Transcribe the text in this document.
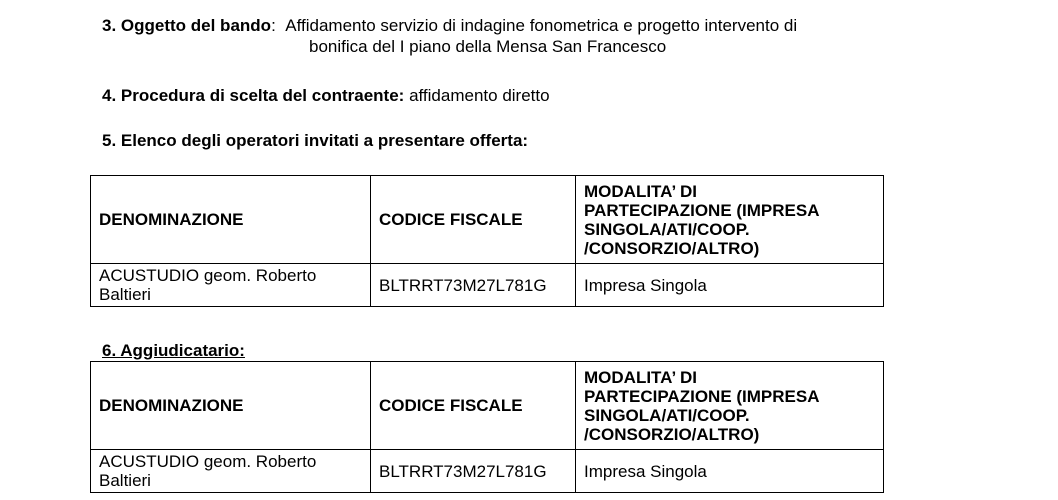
3. Oggetto del bando: Affidamento servizio di indagine fonometrica e progetto intervento di
bonifica del I piano della Mensa San Francesco
4. Procedura di scelta del contraente: affidamento diretto
5. Elenco degli operatori invitati a presentare offerta:
DENOMINAZIONE	CODICE FISCALE	MODALITA’ DI
PARTECIPAZIONE (IMPRESA
SINGOLA/ATI/COOP.
/CONSORZIO/ALTRO)

ACUSTUDIO geom. Roberto
Baltieri	BLTRRT73M27L781G	Impresa Singola
6. Aggiudicatario:
DENOMINAZIONE	CODICE FISCALE	MODALITA’ DI
PARTECIPAZIONE (IMPRESA
SINGOLA/ATI/COOP.
/CONSORZIO/ALTRO)

ACUSTUDIO geom. Roberto
Baltieri	BLTRRT73M27L781G	Impresa Singola
